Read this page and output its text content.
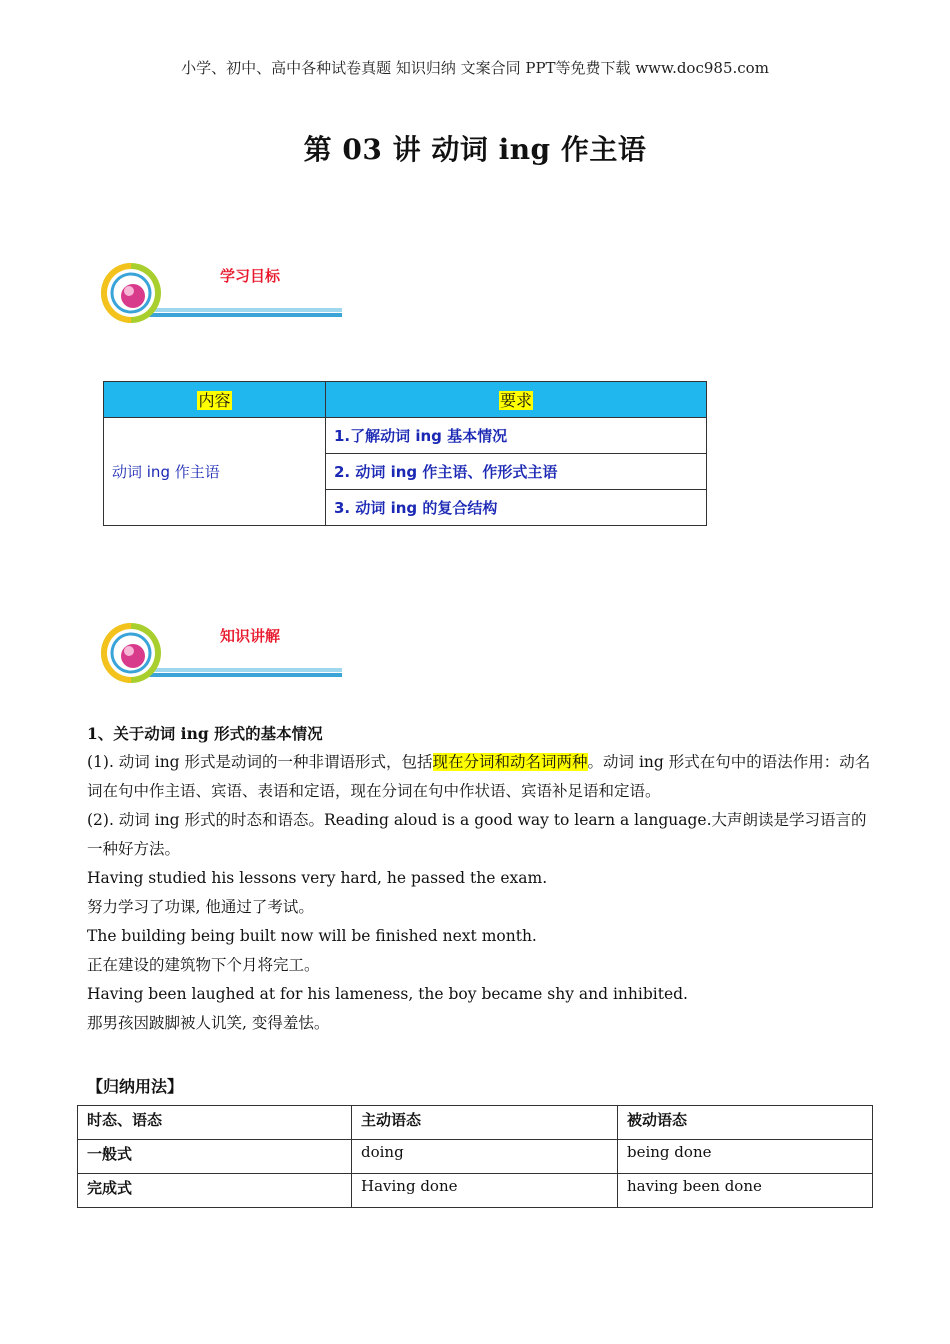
小学、初中、高中各种试卷真题 知识归纳 文案合同 PPT等免费下载 www.doc985.com
第 03 讲 动词 ing 作主语
学习目标
内容	要求
动词 ing 作主语	1.了解动词 ing 基本情况
	2. 动词 ing 作主语、作形式主语
	3. 动词 ing 的复合结构
知识讲解

1、关于动词 ing 形式的基本情况

(1). 动词 ing 形式是动词的一种非谓语形式，包括现在分词和动名词两种。动词 ing 形式在句中的语法作用：动名词在句中作主语、宾语、表语和定语，现在分词在句中作状语、宾语补足语和定语。

(2). 动词 ing 形式的时态和语态。Reading aloud is a good way to learn a language.大声朗读是学习语言的一种好方法。

Having studied his lessons very hard, he passed the exam.

努力学习了功课, 他通过了考试。

The building being built now will be finished next month.

正在建设的建筑物下个月将完工。

Having been laughed at for his lameness, the boy became shy and inhibited.

那男孩因跛脚被人讥笑, 变得羞怯。

【归纳用法】
时态、语态	主动语态	被动语态
一般式	doing	being done
完成式	Having done	having been done
